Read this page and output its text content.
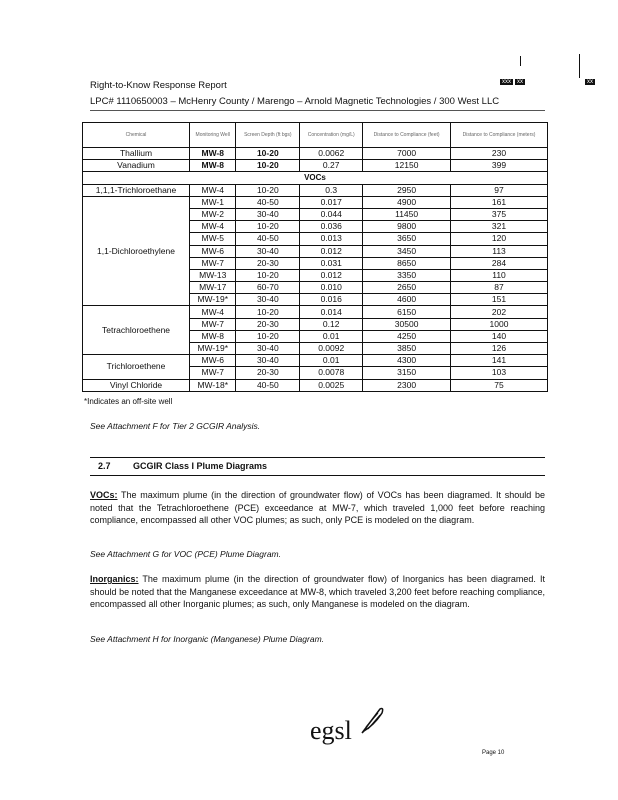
xxx xx	xx
Right-to-Know Response Report
LPC# 1110650003 – McHenry County / Marengo – Arnold Magnetic Technologies / 300 West LLC
Chemical	Monitoring Well	Screen Depth (ft bgs)	Concentration (mg/L)	Distance to Compliance (feet)	Distance to Compliance (meters)
Thallium	MW-8	10-20	0.0062	7000	230
Vanadium	MW-8	10-20	0.27	12150	399
VOCs					
1,1,1-Trichloroethane	MW-4	10-20	0.3	2950	97
1,1-Dichloroethylene	MW-1	40-50	0.017	4900	161
	MW-2	30-40	0.044	11450	375
	MW-4	10-20	0.036	9800	321
	MW-5	40-50	0.013	3650	120
	MW-6	30-40	0.012	3450	113
	MW-7	20-30	0.031	8650	284
	MW-13	10-20	0.012	3350	110
	MW-17	60-70	0.010	2650	87
	MW-19*	30-40	0.016	4600	151
Tetrachloroethene	MW-4	10-20	0.014	6150	202
	MW-7	20-30	0.12	30500	1000
	MW-8	10-20	0.01	4250	140
	MW-19*	30-40	0.0092	3850	126
Trichloroethene	MW-6	30-40	0.01	4300	141
	MW-7	20-30	0.0078	3150	103
Vinyl Chloride	MW-18*	40-50	0.0025	2300	75
*Indicates an off-site well
See Attachment F for Tier 2 GCGIR Analysis.
2.7 GCGIR Class I Plume Diagrams
VOCs: The maximum plume (in the direction of groundwater flow) of VOCs has been diagramed. It should be noted that the Tetrachloroethene (PCE) exceedance at MW-7, which traveled 1,000 feet before reaching compliance, encompassed all other VOC plumes; as such, only PCE is modeled on the diagram.
See Attachment G for VOC (PCE) Plume Diagram.
Inorganics: The maximum plume (in the direction of groundwater flow) of Inorganics has been diagramed. It should be noted that the Manganese exceedance at MW-8, which traveled 3,200 feet before reaching compliance, encompassed all other Inorganic plumes; as such, only Manganese is modeled on the diagram.
See Attachment H for Inorganic (Manganese) Plume Diagram.
egsl
Page 10
